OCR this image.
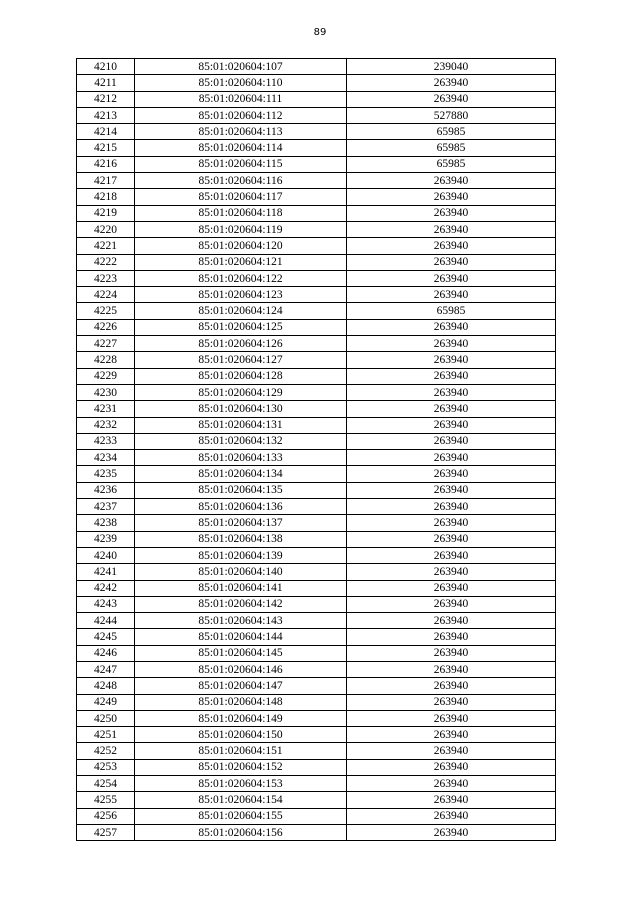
89
4210	85:01:020604:107	239040
4211	85:01:020604:110	263940
4212	85:01:020604:111	263940
4213	85:01:020604:112	527880
4214	85:01:020604:113	65985
4215	85:01:020604:114	65985
4216	85:01:020604:115	65985
4217	85:01:020604:116	263940
4218	85:01:020604:117	263940
4219	85:01:020604:118	263940
4220	85:01:020604:119	263940
4221	85:01:020604:120	263940
4222	85:01:020604:121	263940
4223	85:01:020604:122	263940
4224	85:01:020604:123	263940
4225	85:01:020604:124	65985
4226	85:01:020604:125	263940
4227	85:01:020604:126	263940
4228	85:01:020604:127	263940
4229	85:01:020604:128	263940
4230	85:01:020604:129	263940
4231	85:01:020604:130	263940
4232	85:01:020604:131	263940
4233	85:01:020604:132	263940
4234	85:01:020604:133	263940
4235	85:01:020604:134	263940
4236	85:01:020604:135	263940
4237	85:01:020604:136	263940
4238	85:01:020604:137	263940
4239	85:01:020604:138	263940
4240	85:01:020604:139	263940
4241	85:01:020604:140	263940
4242	85:01:020604:141	263940
4243	85:01:020604:142	263940
4244	85:01:020604:143	263940
4245	85:01:020604:144	263940
4246	85:01:020604:145	263940
4247	85:01:020604:146	263940
4248	85:01:020604:147	263940
4249	85:01:020604:148	263940
4250	85:01:020604:149	263940
4251	85:01:020604:150	263940
4252	85:01:020604:151	263940
4253	85:01:020604:152	263940
4254	85:01:020604:153	263940
4255	85:01:020604:154	263940
4256	85:01:020604:155	263940
4257	85:01:020604:156	263940
